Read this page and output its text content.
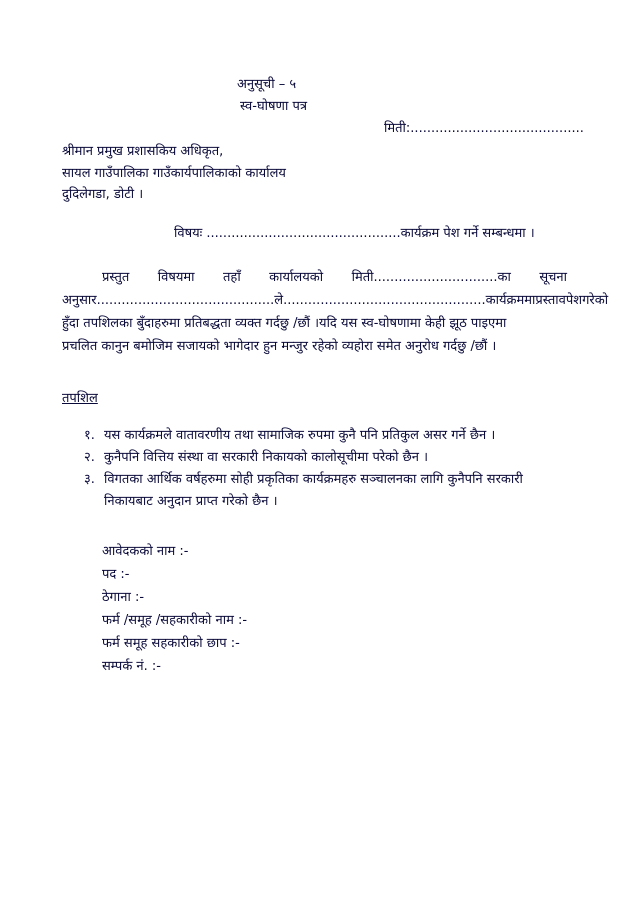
अनुसूची – ५
स्व-घोषणा पत्र
मिती:..........................................
श्रीमान प्रमुख प्रशासकिय अधिकृत,
सायल गाउँपालिका गाउँकार्यपालिकाको कार्यालय
दुदिलेगडा, डोटी ।
विषयः ...............................................कार्यक्रम पेश गर्ने सम्बन्धमा ।
प्रस्तुत विषयमा तहाँ कार्यालयको मिती..............................का सूचना
अनुसार...........................................ले.................................................कार्यक्रममा प्रस्ताव पेश गरेको
हुँदा तपशिलका बुँदाहरुमा प्रतिबद्धता व्यक्त गर्दछु /छौं ।यदि यस स्व-घोषणामा केही झूठ पाइएमा
प्रचलित कानुन बमोजिम सजायको भागेदार हुन मन्जुर रहेको व्यहोरा समेत अनुरोध गर्दछु /छौं ।
तपशिल
१. यस कार्यक्रमले वातावरणीय तथा सामाजिक रुपमा कुनै पनि प्रतिकुल असर गर्ने छैन ।
२. कुनैपनि वित्तिय संस्था वा सरकारी निकायको कालोसूचीमा परेको छैन ।
३. विगतका आर्थिक वर्षहरुमा सोही प्रकृतिका कार्यक्रमहरु सञ्चालनका लागि कुनैपनि सरकारी निकायबाट अनुदान प्राप्त गरेको छैन ।
आवेदकको नाम :-
पद :-
ठेगाना :-
फर्म /समूह /सहकारीको नाम :-
फर्म समूह सहकारीको छाप :-
सम्पर्क नं. :-
